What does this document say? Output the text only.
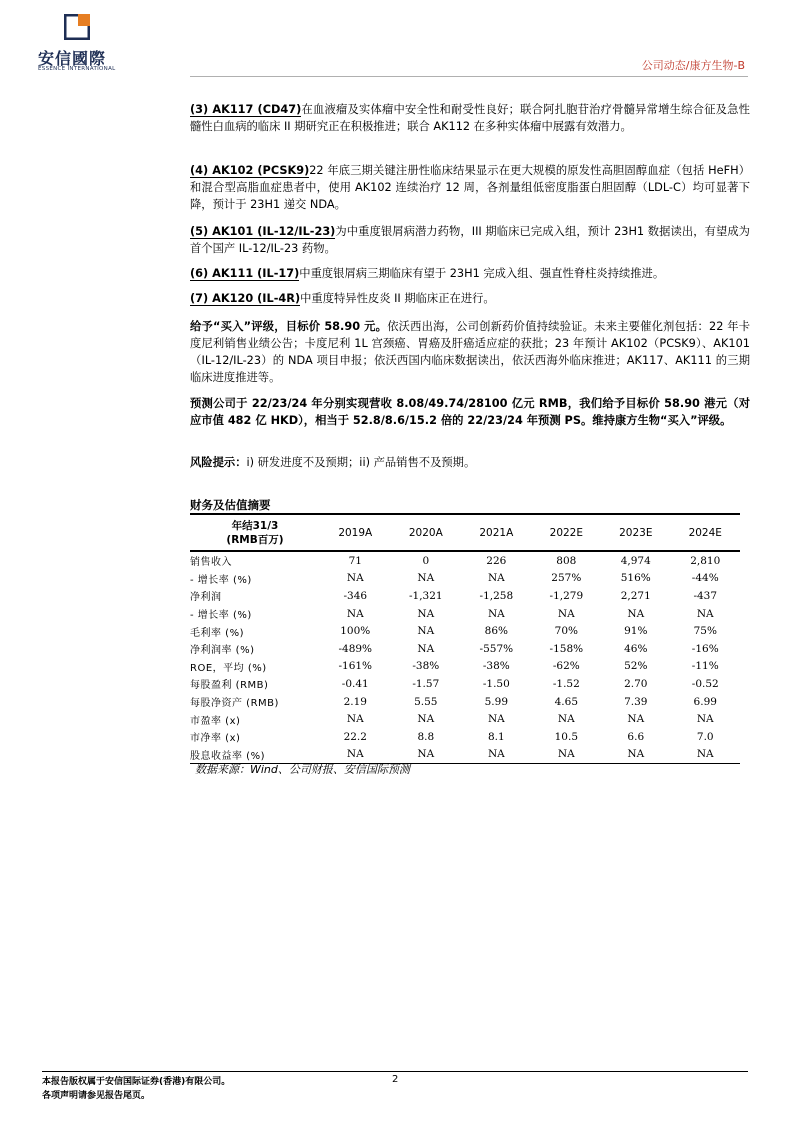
安信國際
ESSENCE INTERNATIONAL	公司动态/康方生物-B
(3) AK117 (CD47)在血液瘤及实体瘤中安全性和耐受性良好；联合阿扎胞苷治疗骨髓异常增生综合征及急性髓性白血病的临床 II 期研究正在积极推进；联合 AK112 在多种实体瘤中展露有效潜力。
(4) AK102 (PCSK9)22 年底三期关键注册性临床结果显示在更大规模的原发性高胆固醇血症（包括 HeFH）和混合型高脂血症患者中，使用 AK102 连续治疗 12 周，各剂量组低密度脂蛋白胆固醇（LDL-C）均可显著下降，预计于 23H1 递交 NDA。
(5) AK101 (IL-12/IL-23)为中重度银屑病潜力药物，III 期临床已完成入组，预计 23H1 数据读出，有望成为首个国产 IL-12/IL-23 药物。
(6) AK111 (IL-17)中重度银屑病三期临床有望于 23H1 完成入组、强直性脊柱炎持续推进。
(7) AK120 (IL-4R)中重度特异性皮炎 II 期临床正在进行。
给予“买入”评级，目标价 58.90 元。依沃西出海，公司创新药价值持续验证。未来主要催化剂包括：22 年卡度尼利销售业绩公告；卡度尼利 1L 宫颈癌、胃癌及肝癌适应症的获批；23 年预计 AK102（PCSK9）、AK101（IL-12/IL-23）的 NDA 项目申报；依沃西国内临床数据读出，依沃西海外临床推进；AK117、AK111 的三期临床进度推进等。
预测公司于 22/23/24 年分别实现营收 8.08/49.74/28100 亿元 RMB，我们给予目标价 58.90 港元（对应市值 482 亿 HKD），相当于 52.8/8.6/15.2 倍的 22/23/24 年预测 PS。维持康方生物“买入”评级。
风险提示：i) 研发进度不及预期；ii) 产品销售不及预期。
财务及估值摘要
年结31/3
(RMB百万)	2019A	2020A	2021A	2022E	2023E	2024E
销售收入	71	0	226	808	4,974	2,810
- 增长率 (%)	NA	NA	NA	257%	516%	-44%
净利润	-346	-1,321	-1,258	-1,279	2,271	-437
- 增长率 (%)	NA	NA	NA	NA	NA	NA
毛利率 (%)	100%	NA	86%	70%	91%	75%
净利润率 (%)	-489%	NA	-557%	-158%	46%	-16%
ROE，平均 (%)	-161%	-38%	-38%	-62%	52%	-11%
每股盈利 (RMB)	-0.41	-1.57	-1.50	-1.52	2.70	-0.52
每股净资产 (RMB)	2.19	5.55	5.99	4.65	7.39	6.99
市盈率 (x)	NA	NA	NA	NA	NA	NA
市净率 (x)	22.2	8.8	8.1	10.5	6.6	7.0
股息收益率 (%)	NA	NA	NA	NA	NA	NA
数据来源：Wind、公司财报、安信国际预测
本报告版权属于安信国际证券(香港)有限公司。
各项声明请参见报告尾页。
2
